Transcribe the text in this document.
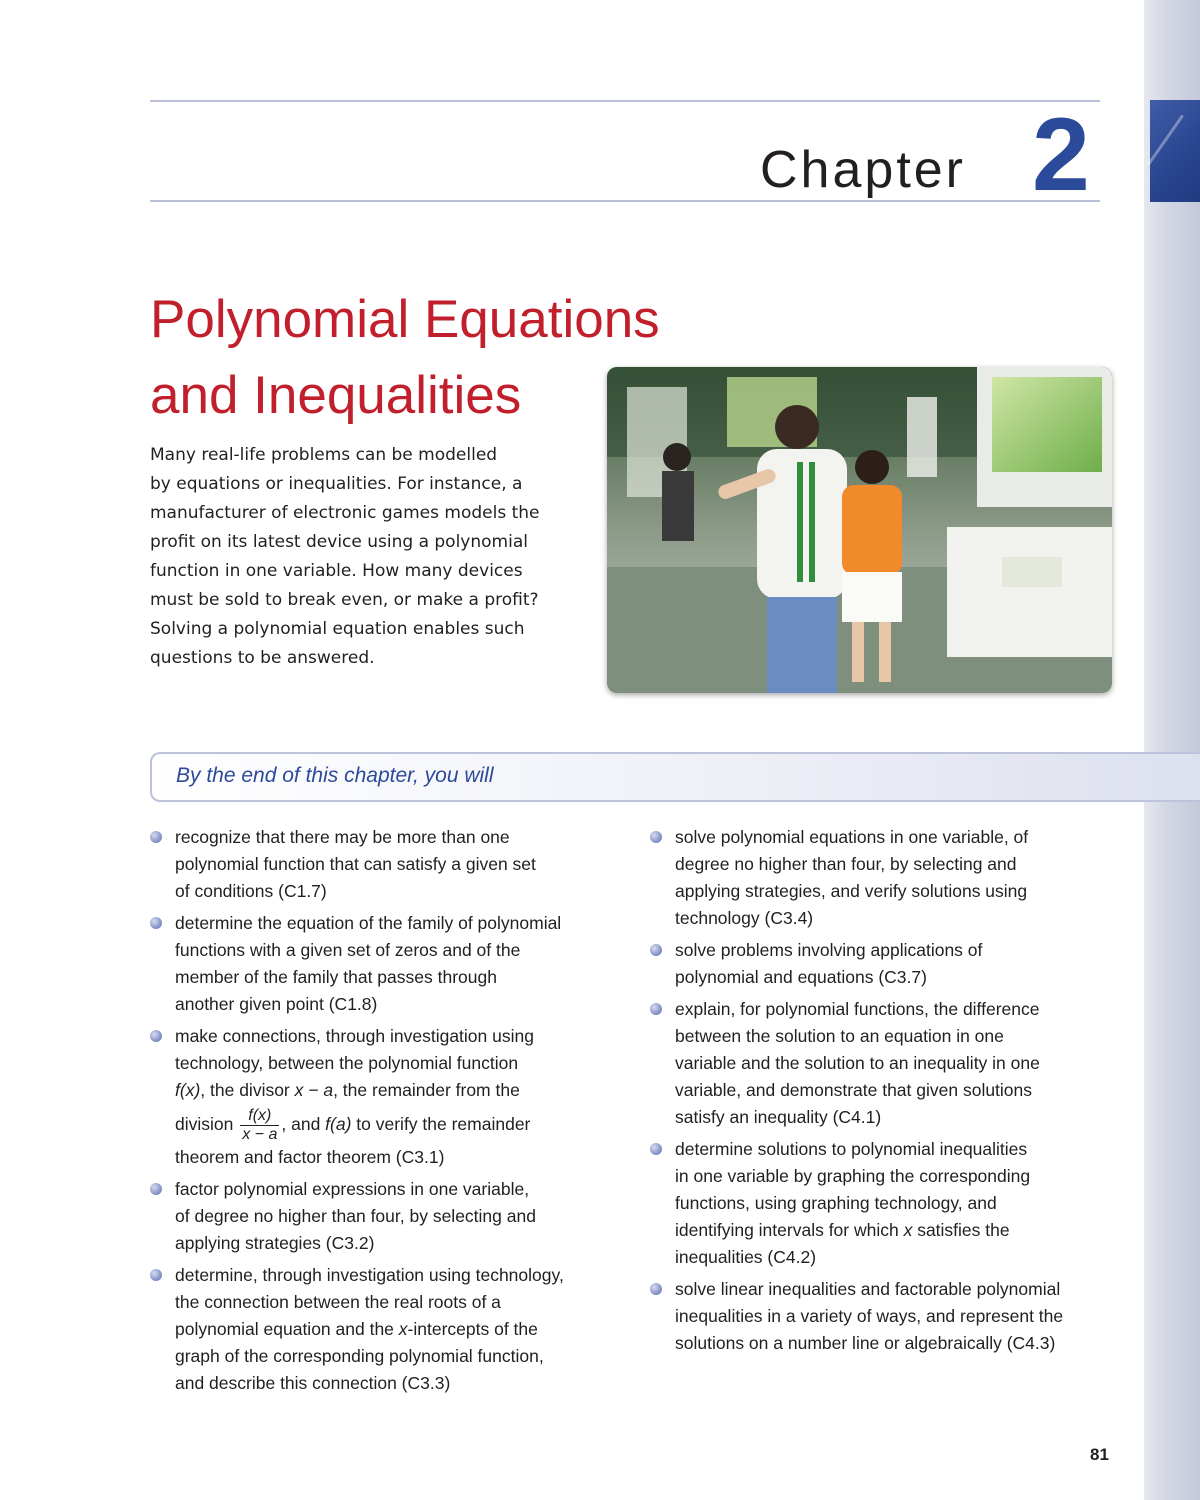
Chapter 2
Polynomial Equations
and Inequalities
Many real-life problems can be modelled
by equations or inequalities. For instance, a
manufacturer of electronic games models the
profit on its latest device using a polynomial
function in one variable. How many devices
must be sold to break even, or make a profit?
Solving a polynomial equation enables such
questions to be answered.
By the end of this chapter, you will
recognize that there may be more than one
polynomial function that can satisfy a given set
of conditions (C1.7)
determine the equation of the family of polynomial
functions with a given set of zeros and of the
member of the family that passes through
another given point (C1.8)
make connections, through investigation using
technology, between the polynomial function
f(x), the divisor x − a, the remainder from the
division $\frac{f(x)}{x - a}$ , and f(a) to verify the remainder
theorem and factor theorem (C3.1)
factor polynomial expressions in one variable,
of degree no higher than four, by selecting and
applying strategies (C3.2)
determine, through investigation using technology,
the connection between the real roots of a
polynomial equation and the x-intercepts of the
graph of the corresponding polynomial function,
and describe this connection (C3.3)
solve polynomial equations in one variable, of
degree no higher than four, by selecting and
applying strategies, and verify solutions using
technology (C3.4)
solve problems involving applications of
polynomial and equations (C3.7)
explain, for polynomial functions, the difference
between the solution to an equation in one
variable and the solution to an inequality in one
variable, and demonstrate that given solutions
satisfy an inequality (C4.1)
determine solutions to polynomial inequalities
in one variable by graphing the corresponding
functions, using graphing technology, and
identifying intervals for which x satisfies the
inequalities (C4.2)
solve linear inequalities and factorable polynomial
inequalities in a variety of ways, and represent the
solutions on a number line or algebraically (C4.3)
81
